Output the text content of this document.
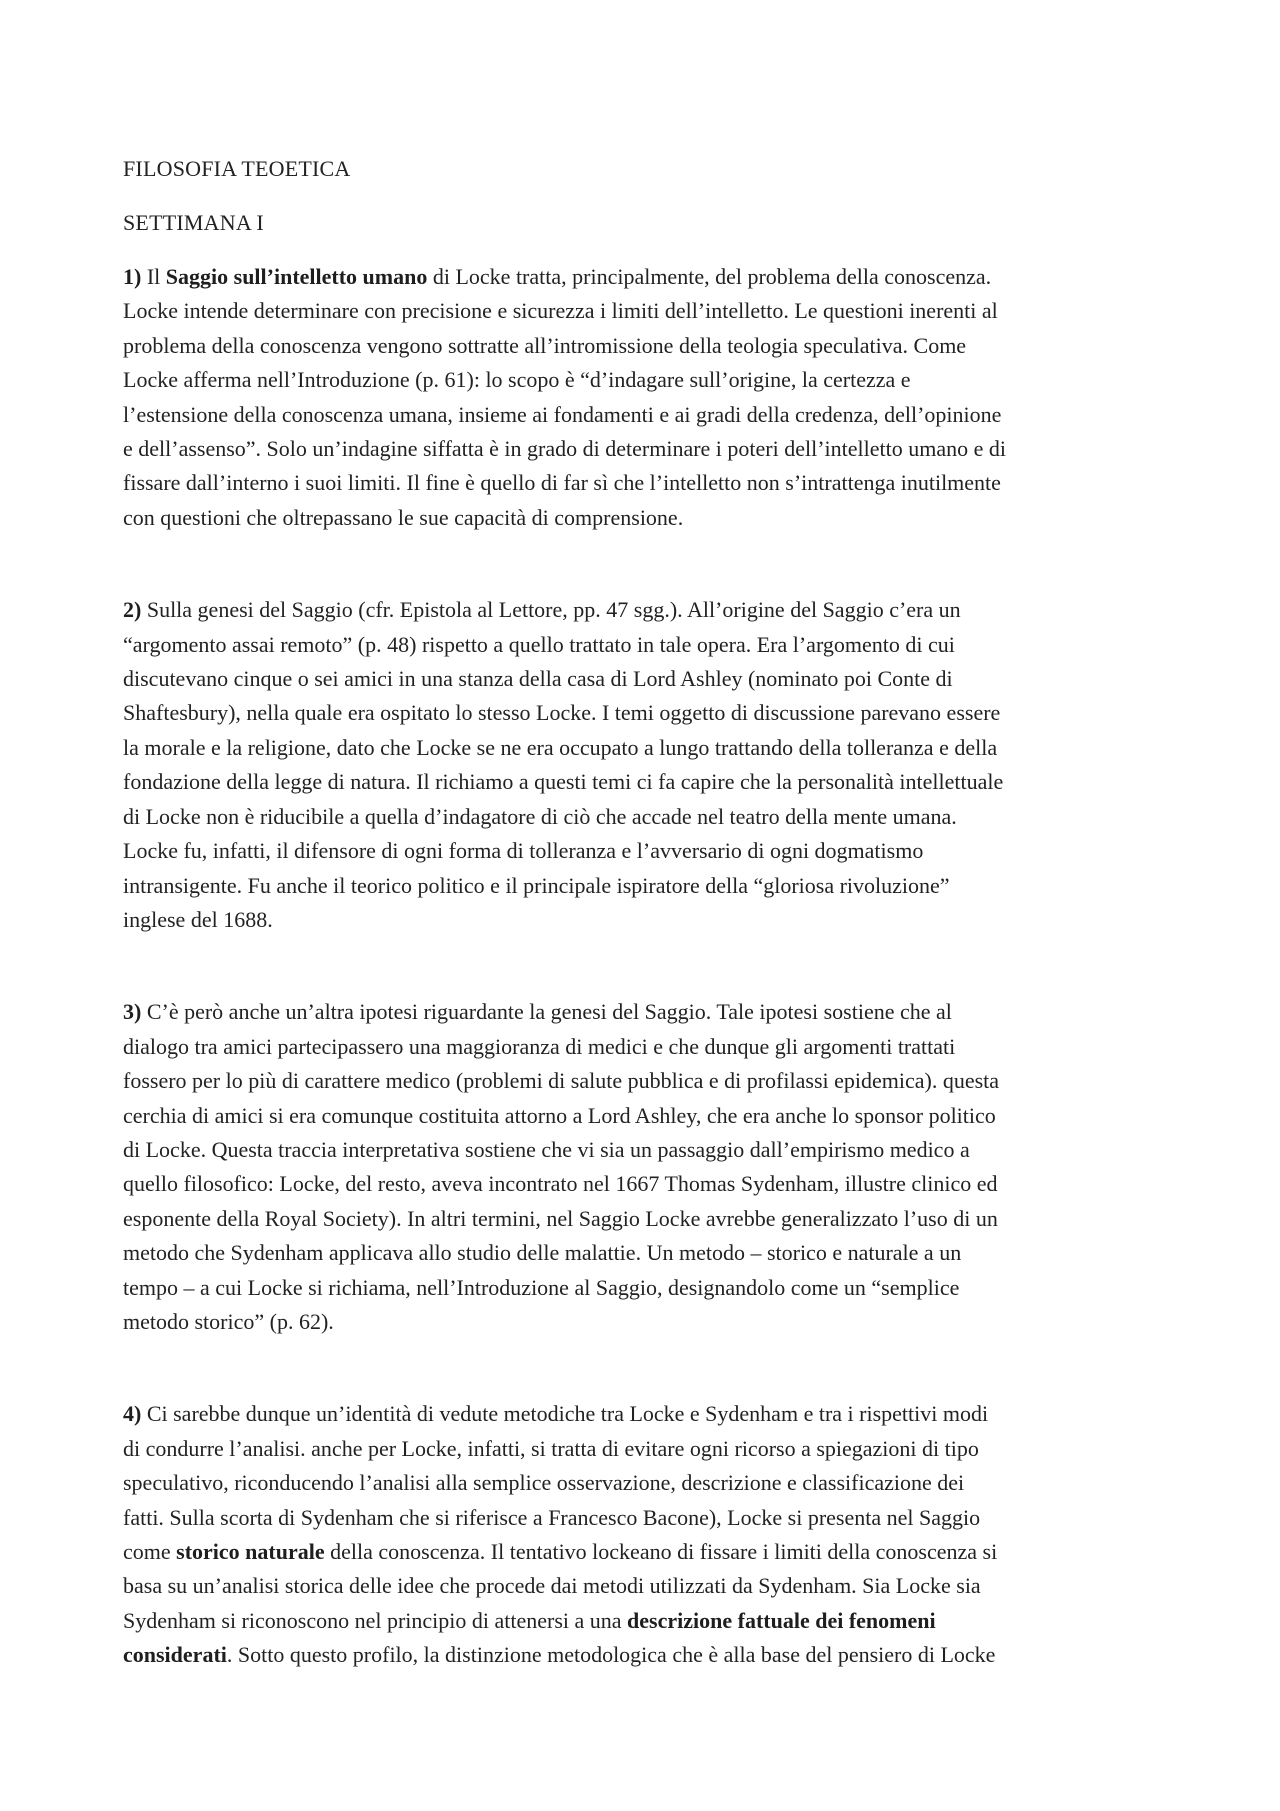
FILOSOFIA TEOETICA

SETTIMANA I

1) Il Saggio sull’intelletto umano di Locke tratta, principalmente, del problema della conoscenza.
Locke intende determinare con precisione e sicurezza i limiti dell’intelletto. Le questioni inerenti al
problema della conoscenza vengono sottratte all’intromissione della teologia speculativa. Come
Locke afferma nell’Introduzione (p. 61): lo scopo è “d’indagare sull’origine, la certezza e
l’estensione della conoscenza umana, insieme ai fondamenti e ai gradi della credenza, dell’opinione
e dell’assenso”. Solo un’indagine siffatta è in grado di determinare i poteri dell’intelletto umano e di
fissare dall’interno i suoi limiti. Il fine è quello di far sì che l’intelletto non s’intrattenga inutilmente
con questioni che oltrepassano le sue capacità di comprensione.

2) Sulla genesi del Saggio (cfr. Epistola al Lettore, pp. 47 sgg.). All’origine del Saggio c’era un
“argomento assai remoto” (p. 48) rispetto a quello trattato in tale opera. Era l’argomento di cui
discutevano cinque o sei amici in una stanza della casa di Lord Ashley (nominato poi Conte di
Shaftesbury), nella quale era ospitato lo stesso Locke. I temi oggetto di discussione parevano essere
la morale e la religione, dato che Locke se ne era occupato a lungo trattando della tolleranza e della
fondazione della legge di natura. Il richiamo a questi temi ci fa capire che la personalità intellettuale
di Locke non è riducibile a quella d’indagatore di ciò che accade nel teatro della mente umana.
Locke fu, infatti, il difensore di ogni forma di tolleranza e l’avversario di ogni dogmatismo
intransigente. Fu anche il teorico politico e il principale ispiratore della “gloriosa rivoluzione”
inglese del 1688.

3) C’è però anche un’altra ipotesi riguardante la genesi del Saggio. Tale ipotesi sostiene che al
dialogo tra amici partecipassero una maggioranza di medici e che dunque gli argomenti trattati
fossero per lo più di carattere medico (problemi di salute pubblica e di profilassi epidemica). questa
cerchia di amici si era comunque costituita attorno a Lord Ashley, che era anche lo sponsor politico
di Locke. Questa traccia interpretativa sostiene che vi sia un passaggio dall’empirismo medico a
quello filosofico: Locke, del resto, aveva incontrato nel 1667 Thomas Sydenham, illustre clinico ed
esponente della Royal Society). In altri termini, nel Saggio Locke avrebbe generalizzato l’uso di un
metodo che Sydenham applicava allo studio delle malattie. Un metodo – storico e naturale a un
tempo – a cui Locke si richiama, nell’Introduzione al Saggio, designandolo come un “semplice
metodo storico” (p. 62).

4) Ci sarebbe dunque un’identità di vedute metodiche tra Locke e Sydenham e tra i rispettivi modi
di condurre l’analisi. anche per Locke, infatti, si tratta di evitare ogni ricorso a spiegazioni di tipo
speculativo, riconducendo l’analisi alla semplice osservazione, descrizione e classificazione dei
fatti. Sulla scorta di Sydenham che si riferisce a Francesco Bacone), Locke si presenta nel Saggio
come storico naturale della conoscenza. Il tentativo lockeano di fissare i limiti della conoscenza si
basa su un’analisi storica delle idee che procede dai metodi utilizzati da Sydenham. Sia Locke sia
Sydenham si riconoscono nel principio di attenersi a una descrizione fattuale dei fenomeni
considerati. Sotto questo profilo, la distinzione metodologica che è alla base del pensiero di Locke
